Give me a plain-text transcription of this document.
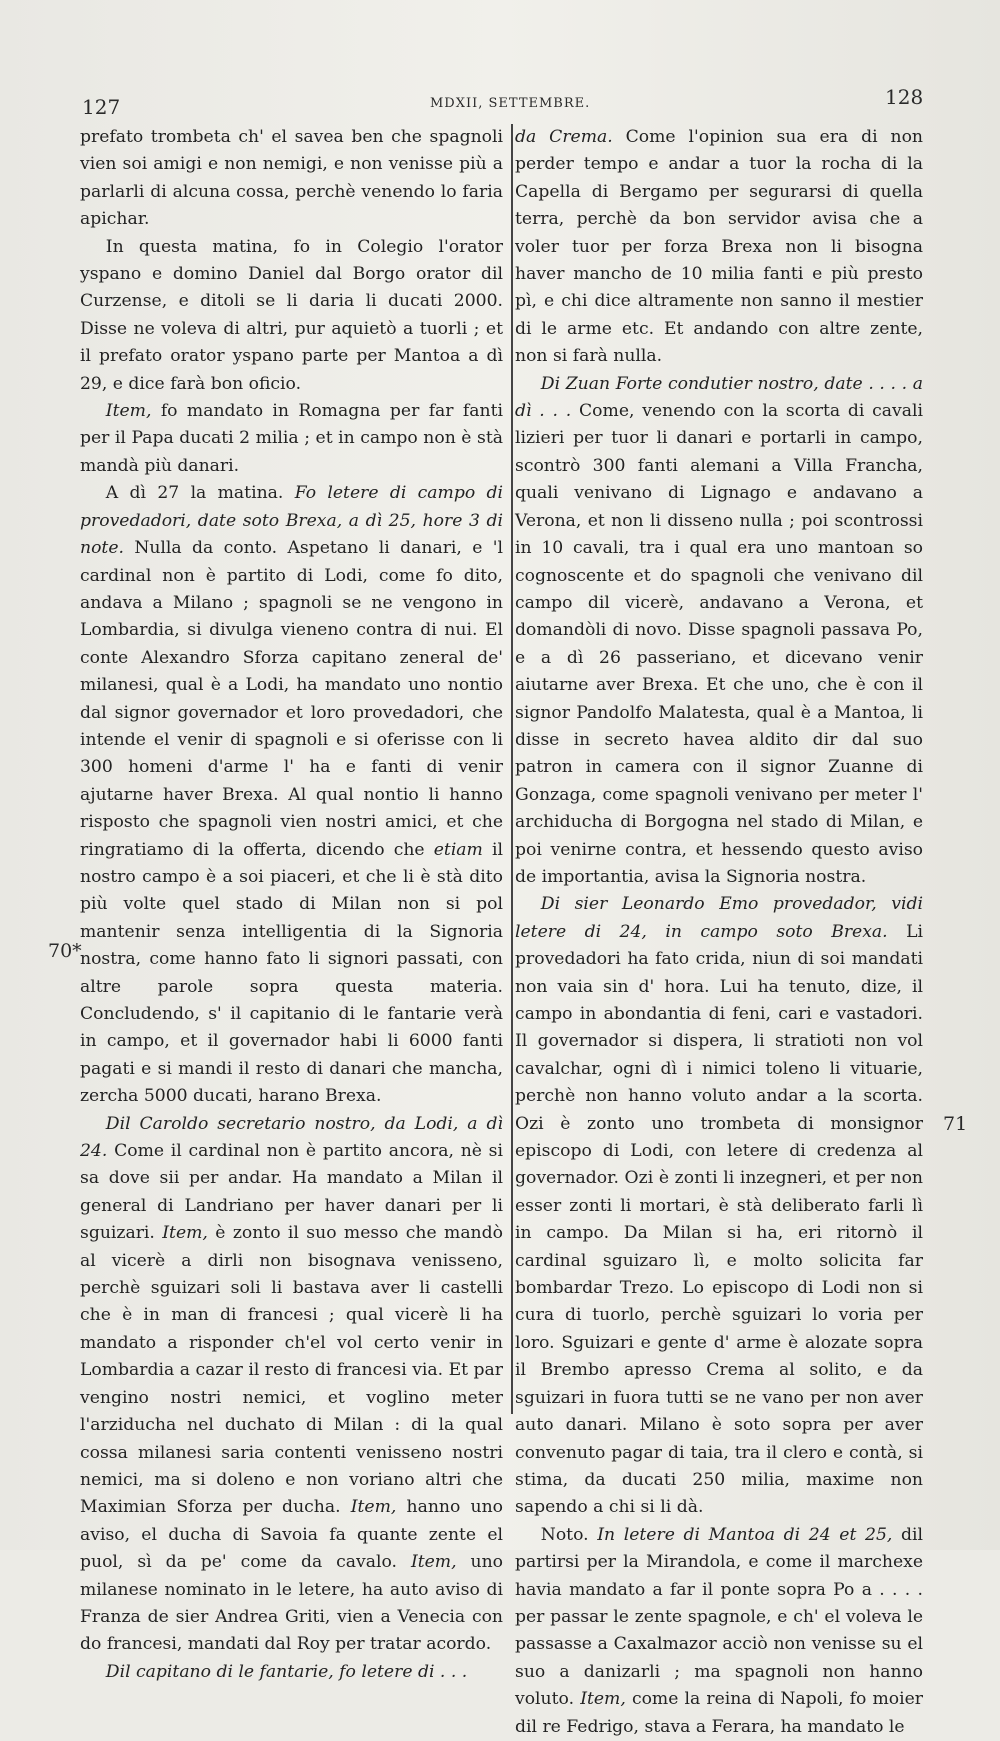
127	MDXII, SETTEMBRE.	128
70*
71

prefato trombeta ch' el savea ben che spagnoli vien soi amigi e non nemigi, e non venisse più a parlarli di alcuna cossa, perchè venendo lo faria apichar.

In questa matina, fo in Colegio l'orator yspano e domino Daniel dal Borgo orator dil Curzense, e ditoli se li daria li ducati 2000. Disse ne voleva di altri, pur aquietò a tuorli ; et il prefato orator yspano parte per Mantoa a dì 29, e dice farà bon oficio.

Item, fo mandato in Romagna per far fanti per il Papa ducati 2 milia ; et in campo non è stà mandà più danari.

A dì 27 la matina. Fo letere di campo di provedadori, date soto Brexa, a dì 25, hore 3 di note. Nulla da conto. Aspetano li danari, e 'l cardinal non è partito di Lodi, come fo dito, andava a Milano ; spagnoli se ne vengono in Lombardia, si divulga vieneno contra di nui. El conte Alexandro Sforza capitano zeneral de' milanesi, qual è a Lodi, ha mandato uno nontio dal signor governador et loro provedadori, che intende el venir di spagnoli e si oferisse con li 300 homeni d'arme l' ha e fanti di venir ajutarne haver Brexa. Al qual nontio li hanno risposto che spagnoli vien nostri amici, et che ringratiamo di la offerta, dicendo che etiam il nostro campo è a soi piaceri, et che li è stà dito più volte quel stado di Milan non si pol mantenir senza intelligentia di la Signoria nostra, come hanno fato li signori passati, con altre parole sopra questa materia. Concludendo, s' il capitanio di le fantarie verà in campo, et il governador habi li 6000 fanti pagati e si mandi il resto di danari che mancha, zercha 5000 ducati, harano Brexa.

Dil Caroldo secretario nostro, da Lodi, a dì 24. Come il cardinal non è partito ancora, nè si sa dove sii per andar. Ha mandato a Milan il general di Landriano per haver danari per li sguizari. Item, è zonto il suo messo che mandò al vicerè a dirli non bisognava venisseno, perchè sguizari soli li bastava aver li castelli che è in man di francesi ; qual vicerè li ha mandato a risponder ch'el vol certo venir in Lombardia a cazar il resto di francesi via. Et par vengino nostri nemici, et voglino meter l'arziducha nel duchato di Milan : di la qual cossa milanesi saria contenti venisseno nostri nemici, ma si doleno e non voriano altri che Maximian Sforza per ducha. Item, hanno uno aviso, el ducha di Savoia fa quante zente el puol, sì da pe' come da cavalo. Item, uno milanese nominato in le letere, ha auto aviso di Franza de sier Andrea Griti, vien a Venecia con do francesi, mandati dal Roy per tratar acordo.

Dil capitano di le fantarie, fo letere di . . .

da Crema. Come l'opinion sua era di non perder tempo e andar a tuor la rocha di la Capella di Bergamo per segurarsi di quella terra, perchè da bon servidor avisa che a voler tuor per forza Brexa non li bisogna haver mancho de 10 milia fanti e più presto pì, e chi dice altramente non sanno il mestier di le arme etc. Et andando con altre zente, non si farà nulla.

Di Zuan Forte condutier nostro, date . . . . a dì . . . Come, venendo con la scorta di cavali lizieri per tuor li danari e portarli in campo, scontrò 300 fanti alemani a Villa Franchа, quali venivano di Lignago e andavano a Verona, et non li disseno nulla ; poi scontrossi in 10 cavali, tra i qual era uno mantoan so cognoscente et do spagnoli che venivano dil campo dil vicerè, andavano a Verona, et domandòli di novo. Disse spagnoli passava Po, e a dì 26 passeriano, et dicevano venir aiutarne aver Brexa. Et che uno, che è con il signor Pandolfo Malatesta, qual è a Mantoa, li disse in secreto havea aldito dir dal suo patron in camera con il signor Zuanne di Gonzaga, come spagnoli venivano per meter l' archiducha di Borgogna nel stado di Milan, e poi venirne contra, et hessendo questo aviso de importantia, avisa la Signoria nostra.

Di sier Leonardo Emo provedador, vidi letere di 24, in campo soto Brexa. Li provedadori ha fato crida, niun di soi mandati non vaia sin d' hora. Lui ha tenuto, dize, il campo in abondantia di feni, cari e vastadori. Il governador si dispera, li stratioti non vol cavalchar, ogni dì i nimici toleno li vituarie, perchè non hanno voluto andar a la scorta. Ozi è zonto uno trombeta di monsignor episcopo di Lodi, con letere di credenza al governador. Ozi è zonti li inzegneri, et per non esser zonti li mortari, è stà deliberato farli lì in campo. Da Milan si ha, eri ritornò il cardinal sguizaro lì, e molto solicita far bombardar Trezo. Lo episcopo di Lodi non si cura di tuorlo, perchè sguizari lo voria per loro. Sguizari e gente d' arme è alozate sopra il Brembo apresso Crema al solito, e da sguizari in fuora tutti se ne vano per non aver auto danari. Milano è soto sopra per aver convenuto pagar di taia, tra il clero e contà, si stima, da ducati 250 milia, maxime non sapendo a chi si li dà.

Noto. In letere di Mantoa di 24 et 25, dil partirsi per la Mirandola, e come il marchexe havia mandato a far il ponte sopra Po a . . . . per passar le zente spagnole, e ch' el voleva le passasse a Caxalmazor acciò non venisse su el suo a danizarli ; ma spagnoli non hanno voluto. Item, come la reina di Napoli, fo moier dil re Fedrigo, stava a Ferara, ha mandato le
